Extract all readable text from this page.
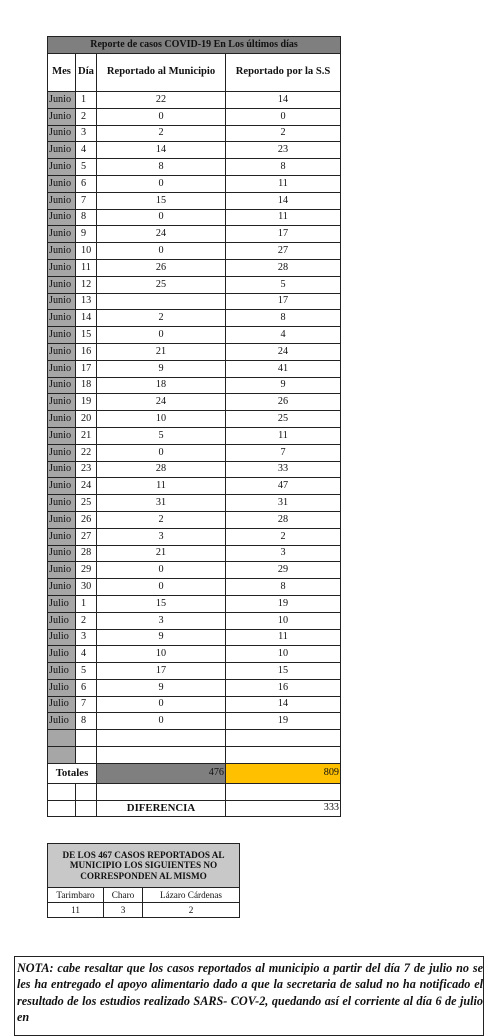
Reporte de casos COVID-19 En Los últimos días			
Mes	Día	Reportado al Municipio	Reportado por la S.S
Junio	1	22	14
Junio	2	0	0
Junio	3	2	2
Junio	4	14	23
Junio	5	8	8
Junio	6	0	11
Junio	7	15	14
Junio	8	0	11
Junio	9	24	17
Junio	10	0	27
Junio	11	26	28
Junio	12	25	5
Junio	13		17
Junio	14	2	8
Junio	15	0	4
Junio	16	21	24
Junio	17	9	41
Junio	18	18	9
Junio	19	24	26
Junio	20	10	25
Junio	21	5	11
Junio	22	0	7
Junio	23	28	33
Junio	24	11	47
Junio	25	31	31
Junio	26	2	28
Junio	27	3	2
Junio	28	21	3
Junio	29	0	29
Junio	30	0	8
Julio	1	15	19
Julio	2	3	10
Julio	3	9	11
Julio	4	10	10
Julio	5	17	15
Julio	6	9	16
Julio	7	0	14
Julio	8	0	19

Totales		476	809

		DIFERENCIA	333
DE LOS 467 CASOS REPORTADOS AL MUNICIPIO LOS SIGUIENTES NO CORRESPONDEN AL MISMO		
Tarimbaro	Charo	Lázaro Cárdenas
11	3	2
NOTA: cabe resaltar que los casos reportados al municipio a partir del día 7 de julio no se les ha entregado el apoyo alimentario dado a que la secretaria de salud no ha notificado el resultado de los estudios realizado SARS- COV-2, quedando así el corriente al día 6 de julio en
